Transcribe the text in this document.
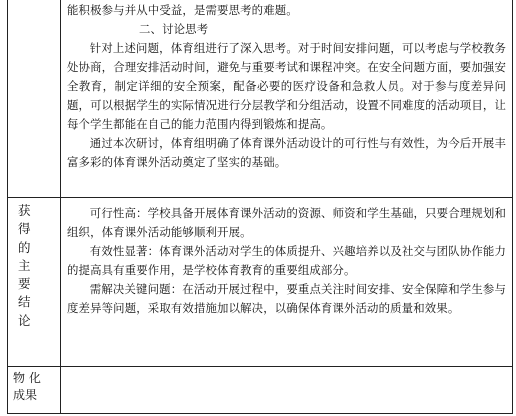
	能积极参与并从中受益，是需要思考的难题。

二、讨论思考

针对上述问题，体育组进行了深入思考。对于时间安排问题，可以考虑与学校教务处协商，合理安排活动时间，避免与重要考试和课程冲突。在安全问题方面，要加强安全教育，制定详细的安全预案，配备必要的医疗设备和急救人员。对于参与度差异问题，可以根据学生的实际情况进行分层教学和分组活动，设置不同难度的活动项目，让每个学生都能在自己的能力范围内得到锻炼和提高。

通过本次研讨，体育组明确了体育课外活动设计的可行性与有效性，为今后开展丰富多彩的体育课外活动奠定了坚实的基础。

获得的主要结论	可行性高：学校具备开展体育课外活动的资源、师资和学生基础，只要合理规划和组织，体育课外活动能够顺利开展。

有效性显著：体育课外活动对学生的体质提升、兴趣培养以及社交与团队协作能力的提高具有重要作用，是学校体育教育的重要组成部分。

需解决关键问题：在活动开展过程中，要重点关注时间安排、安全保障和学生参与度差异等问题，采取有效措施加以解决，以确保体育课外活动的质量和效果。

物 化
成果	
